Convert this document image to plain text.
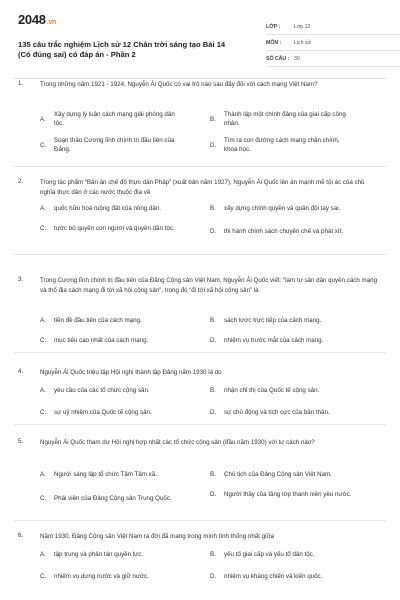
2048.vn
135 câu trắc nghiệm Lịch sử 12 Chân trời sáng tạo Bài 14
(Có đúng sai) có đáp án - Phần 2
LỚP :	Lớp 12
MÔN :	Lịch sử
SỐ CÂU : 30
1.	Trong những năm 1921 - 1924, Nguyễn Ái Quốc có vai trò nào sau đây đối với cách mạng Việt Nam?
A.
Xây dựng lý luận cách mạng giải phóng dân tộc.
B.
Thành lập một chính đảng của giai cấp công nhân.
C.
Soạn thảo Cương lĩnh chính trị đầu tiên của Đảng.
D.
Tìm ra con đường cách mạng chân chính, khoa học.
2.	Trong tác phẩm “Bản án chế độ thực dân Pháp” (xuất bản năm 1927), Nguyễn Ái Quốc lên án mạnh mẽ tội ác của chủ nghĩa thực dân ở các nước thuộc địa về
A.	quốc hữu hoá ruộng đất của nông dân.	B.	xây dựng chính quyền và quân đội tay sai.
C.	tước bỏ quyền con người và quyền dân tộc.	D.	thi hành chính sách chuyên chế và phát xít.
3.	Trong Cương lĩnh chính trị đầu tiên của Đảng Cộng sản Việt Nam, Nguyễn Ái Quốc viết: “làm tư sản dân quyền cách mạng và thổ địa cách mạng đi tới xã hội cộng sản”, trong đó “đi tới xã hội cộng sản” là
A.	tiền đề đầu tiên của cách mạng.	B.	sách lược trực tiếp của cách mạng.
C.	mục tiêu cao nhất của cách mạng.	D.	nhiệm vụ trước mắt của cách mạng.
4.	Nguyễn Ái Quốc triệu tập Hội nghị thành lập Đảng năm 1930 là do
A.	yêu cầu của các tổ chức cộng sản.	B.	nhận chỉ thị của Quốc tế cộng sản.
C.	sự uỷ nhiệm của Quốc tế cộng sản.	D.	sự chủ động và tích cực của bản thân.
5.	Nguyễn Ái Quốc tham dự Hội nghị hợp nhất các tổ chức cộng sản (đầu năm 1930) với tư cách nào?
A.	Người sáng lập tổ chức Tâm Tâm xã.	B.	Chủ tịch của Đảng Cộng sản Việt Nam.
C.	Phái viên của Đảng Cộng sản Trung Quốc.
D.	Người thầy của tầng lớp thanh niên yêu nước.
6.	Năm 1930, Đảng Cộng sản Việt Nam ra đời đã mang trong mình tính thống nhất giữa
A.	tập trung và phân tán quyền lực.	B.	yếu tố giai cấp và yếu tố dân tộc.
C.	nhiệm vụ dựng nước và giữ nước.	D.	nhiệm vụ kháng chiến và kiến quốc.
